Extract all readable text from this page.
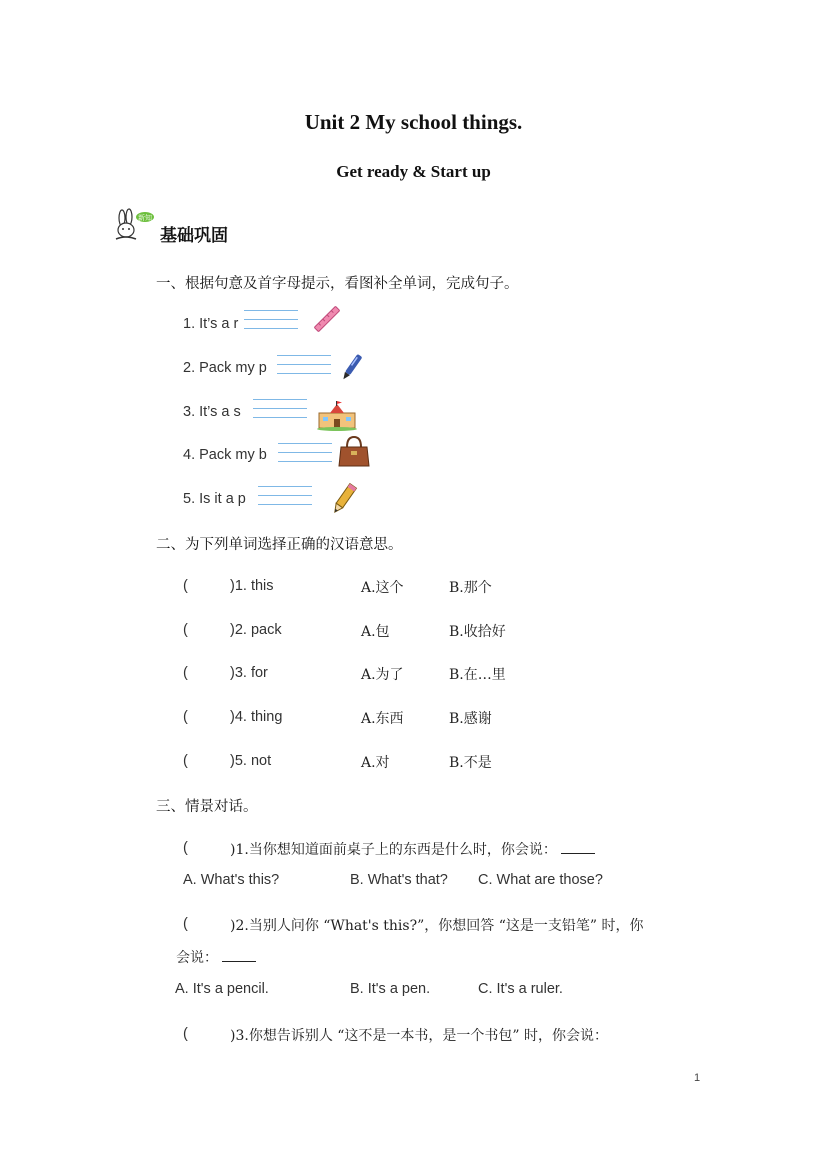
Unit 2 My school things.
Get ready & Start up
新知
基础巩固
一、根据句意及首字母提示，看图补全单词，完成句子。
1. It’s a r
2. Pack my p
3. It’s a s
4. Pack my b
5. Is it a p
二、为下列单词选择正确的汉语意思。
(	)1. this	A.这个	B.那个
(	)2. pack	A.包	B.收拾好
(	)3. for	A.为了	B.在…里
(	)4. thing	A.东西	B.感谢
(	)5. not	A.对	B.不是
三、情景对话。
(	)1.当你想知道面前桌子上的东西是什么时，你会说：
A. What's this?	B. What's that? C. What are those?
(	)2.当别人问你 “What's this?”，你想回答 “这是一支铅笔” 时，你
会说：
A. It's a pencil.	B. It's a pen.	C. It's a ruler.
(	)3.你想告诉别人 “这不是一本书，是一个书包” 时，你会说：
1
